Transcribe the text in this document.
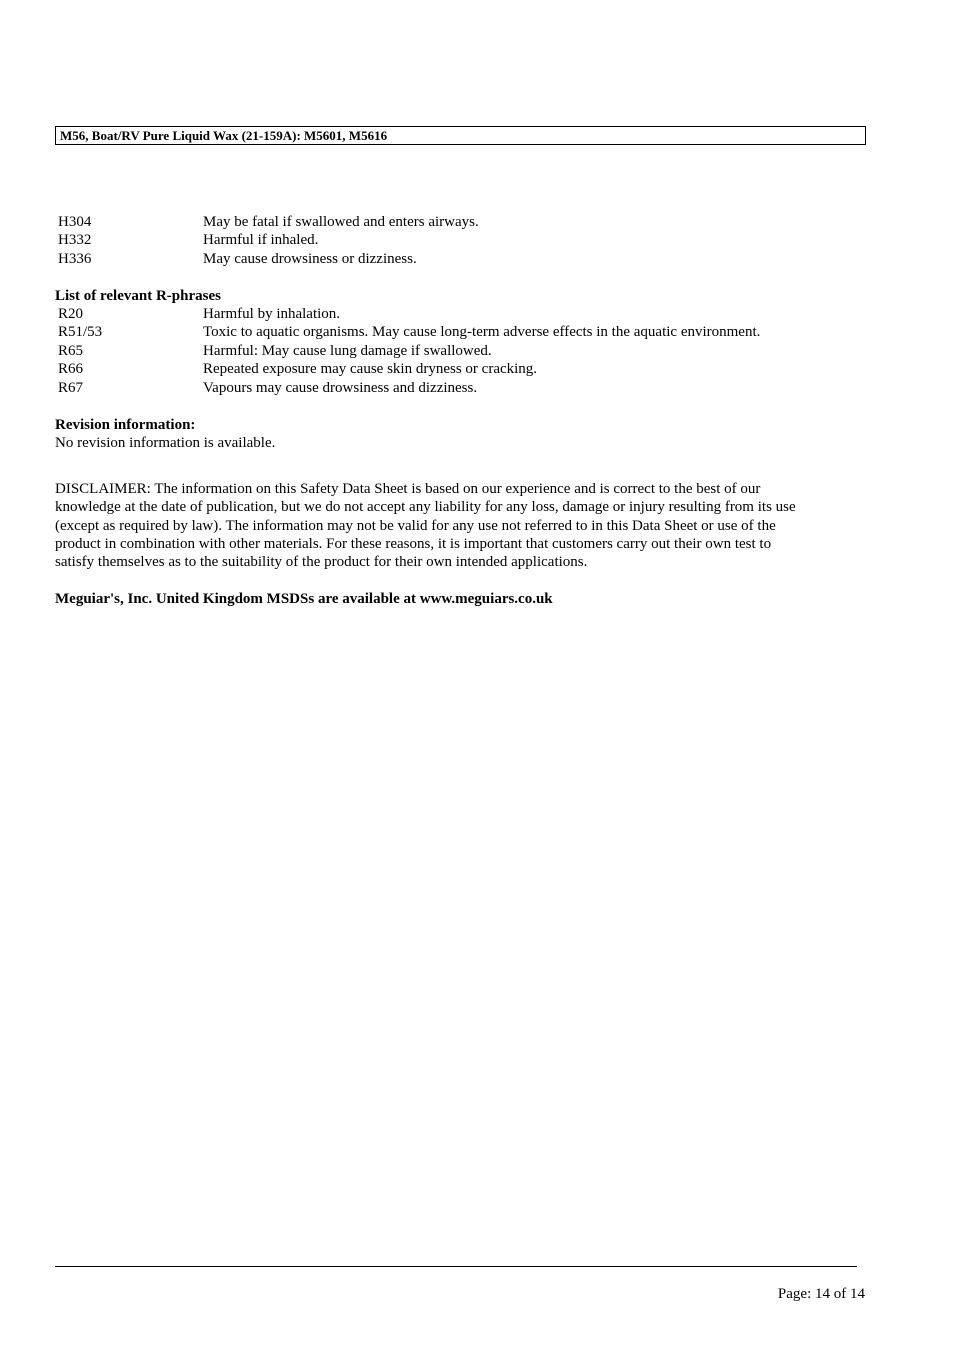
M56, Boat/RV Pure Liquid Wax (21-159A): M5601, M5616
H304	May be fatal if swallowed and enters airways.
H332	Harmful if inhaled.
H336	May cause drowsiness or dizziness.
List of relevant R-phrases
R20	Harmful by inhalation.
R51/53	Toxic to aquatic organisms. May cause long-term adverse effects in the aquatic environment.
R65	Harmful: May cause lung damage if swallowed.
R66	Repeated exposure may cause skin dryness or cracking.
R67	Vapours may cause drowsiness and dizziness.
Revision information:
No revision information is available.
DISCLAIMER: The information on this Safety Data Sheet is based on our experience and is correct to the best of our
knowledge at the date of publication, but we do not accept any liability for any loss, damage or injury resulting from its use
(except as required by law). The information may not be valid for any use not referred to in this Data Sheet or use of the
product in combination with other materials. For these reasons, it is important that customers carry out their own test to
satisfy themselves as to the suitability of the product for their own intended applications.
Meguiar's, Inc. United Kingdom MSDSs are available at www.meguiars.co.uk
Page: 14 of 14
